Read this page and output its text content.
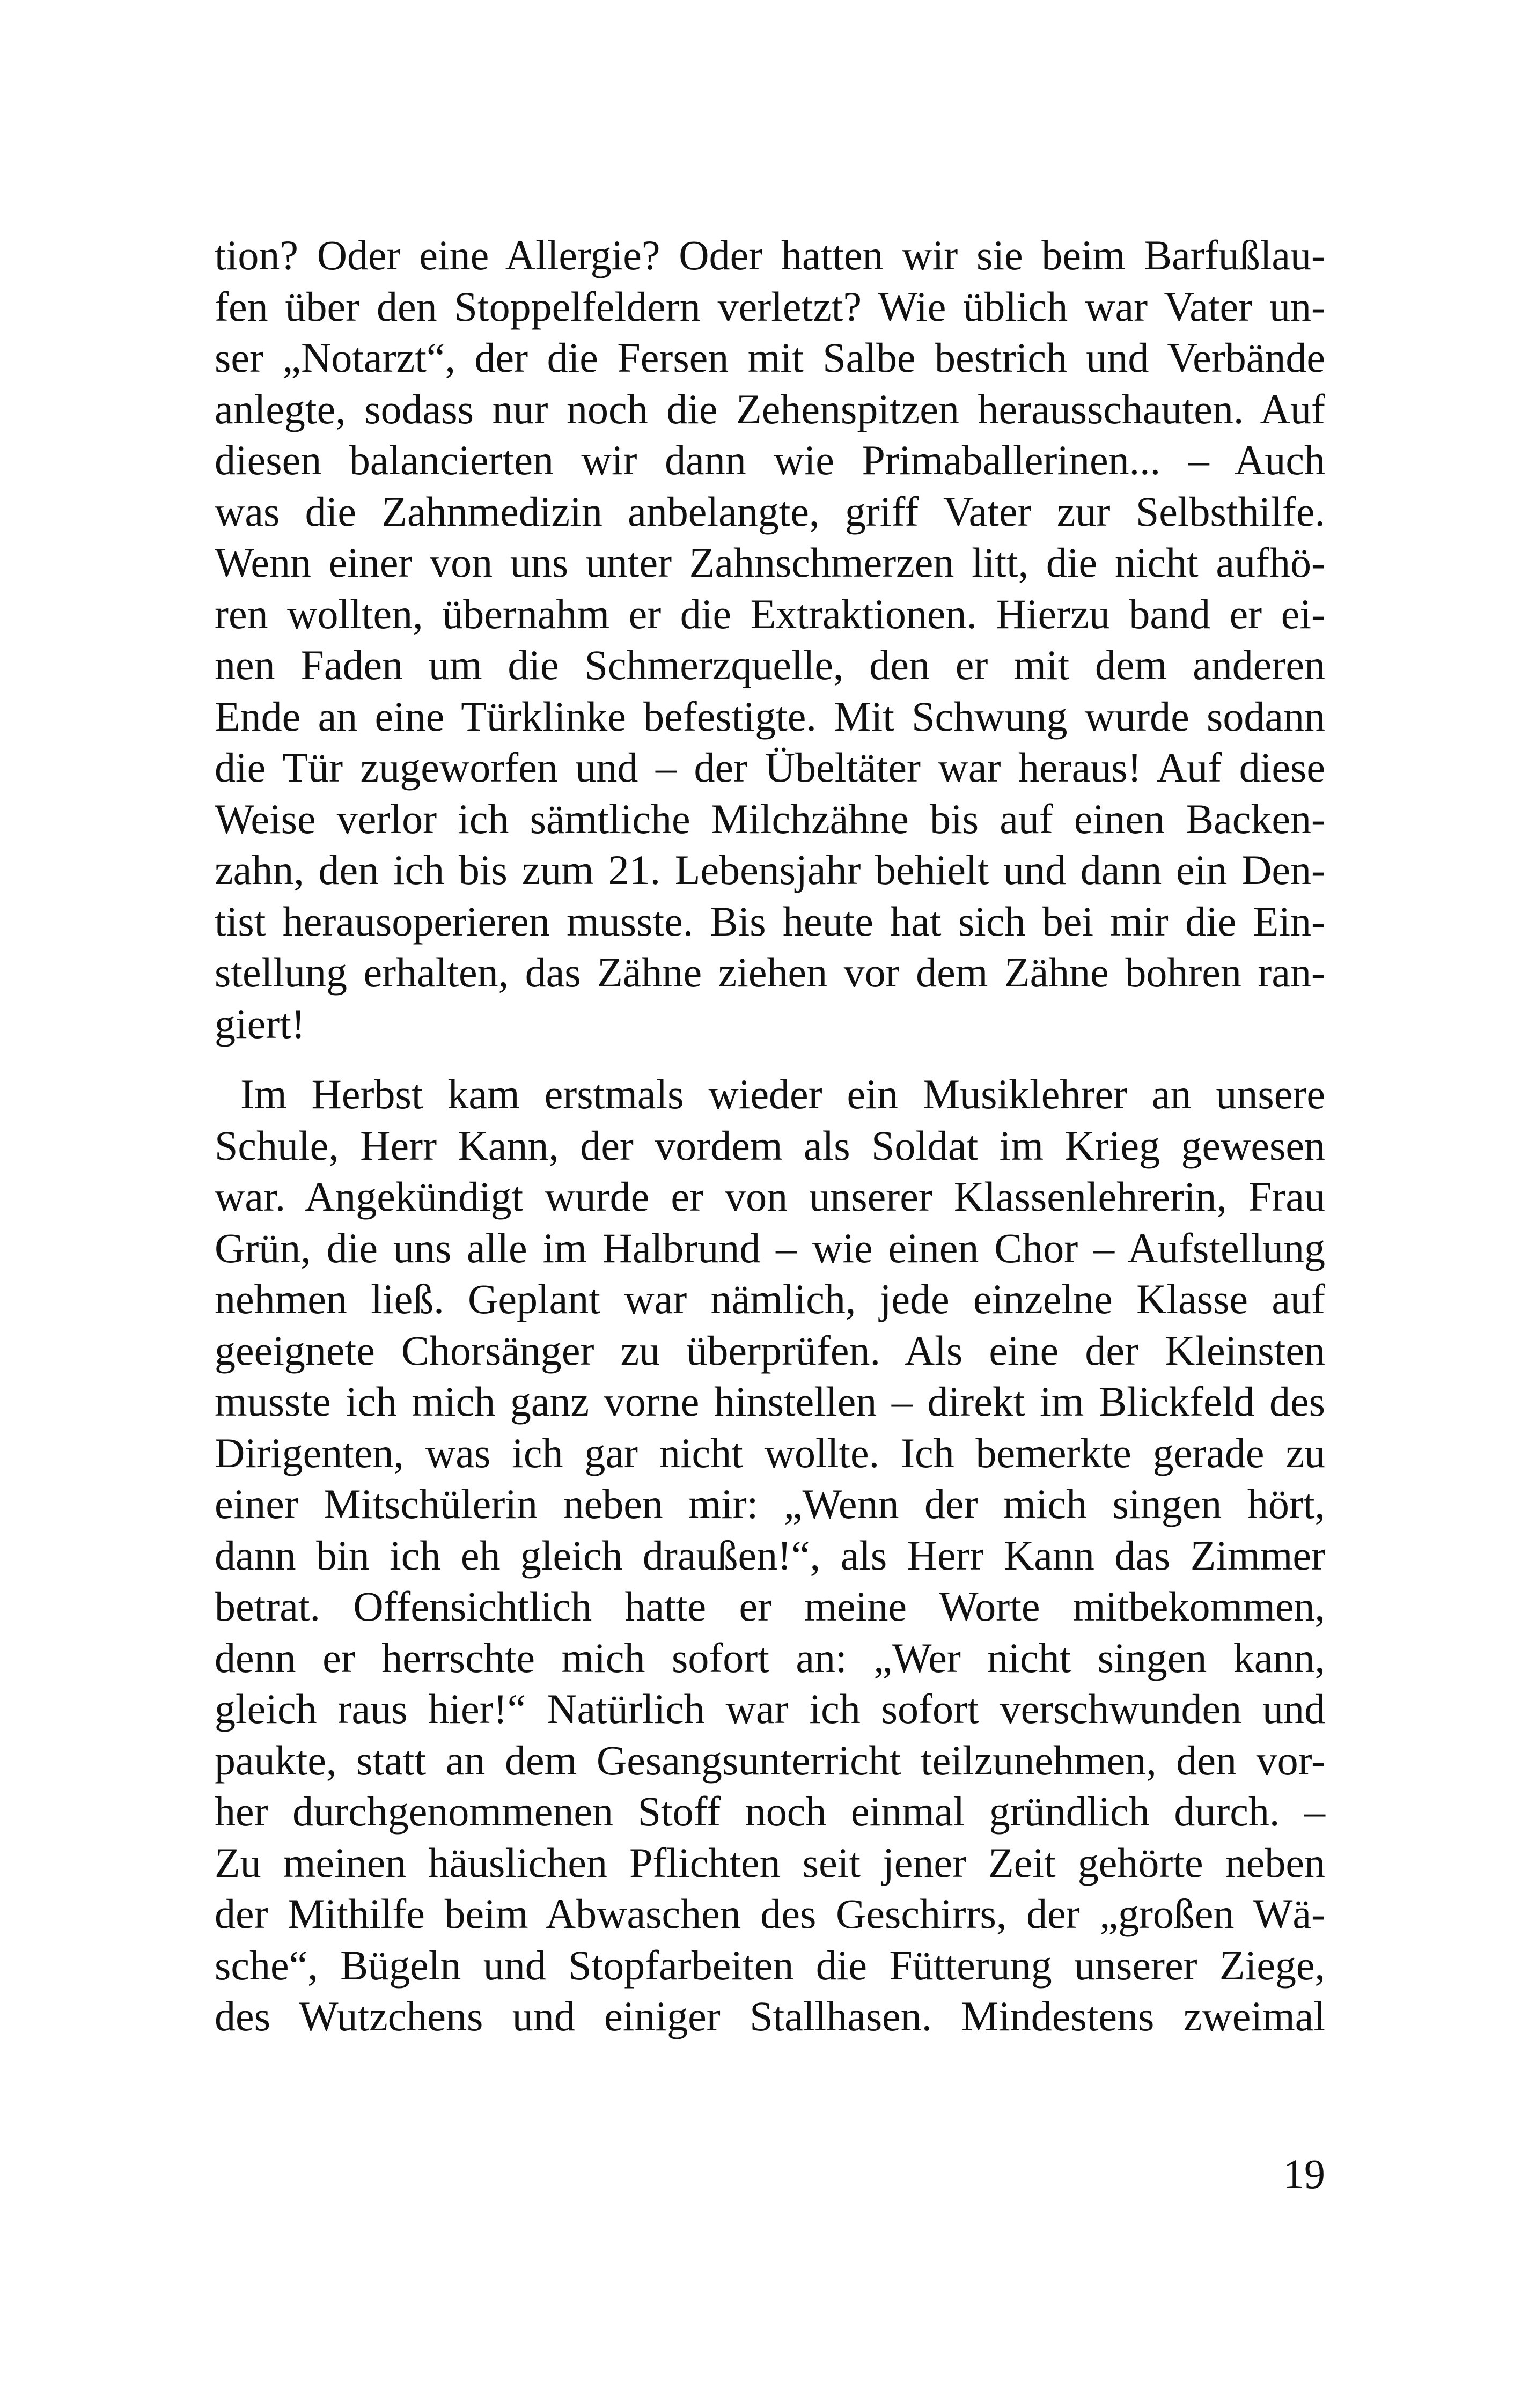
tion? Oder eine Allergie? Oder hatten wir sie beim Barfußlau-
fen über den Stoppelfeldern verletzt? Wie üblich war Vater un-
ser „Notarzt“, der die Fersen mit Salbe bestrich und Verbände
anlegte, sodass nur noch die Zehenspitzen herausschauten. Auf
diesen balancierten wir dann wie Primaballerinen... – Auch
was die Zahnmedizin anbelangte, griff Vater zur Selbsthilfe.
Wenn einer von uns unter Zahnschmerzen litt, die nicht aufhö-
ren wollten, übernahm er die Extraktionen. Hierzu band er ei-
nen Faden um die Schmerzquelle, den er mit dem anderen
Ende an eine Türklinke befestigte. Mit Schwung wurde sodann
die Tür zugeworfen und – der Übeltäter war heraus! Auf diese
Weise verlor ich sämtliche Milchzähne bis auf einen Backen-
zahn, den ich bis zum 21. Lebensjahr behielt und dann ein Den-
tist herausoperieren musste. Bis heute hat sich bei mir die Ein-
stellung erhalten, das Zähne ziehen vor dem Zähne bohren ran-
giert!
Im Herbst kam erstmals wieder ein Musiklehrer an unsere
Schule, Herr Kann, der vordem als Soldat im Krieg gewesen
war. Angekündigt wurde er von unserer Klassenlehrerin, Frau
Grün, die uns alle im Halbrund – wie einen Chor – Aufstellung
nehmen ließ. Geplant war nämlich, jede einzelne Klasse auf
geeignete Chorsänger zu überprüfen. Als eine der Kleinsten
musste ich mich ganz vorne hinstellen – direkt im Blickfeld des
Dirigenten, was ich gar nicht wollte. Ich bemerkte gerade zu
einer Mitschülerin neben mir: „Wenn der mich singen hört,
dann bin ich eh gleich draußen!“, als Herr Kann das Zimmer
betrat. Offensichtlich hatte er meine Worte mitbekommen,
denn er herrschte mich sofort an: „Wer nicht singen kann,
gleich raus hier!“ Natürlich war ich sofort verschwunden und
paukte, statt an dem Gesangsunterricht teilzunehmen, den vor-
her durchgenommenen Stoff noch einmal gründlich durch. –
Zu meinen häuslichen Pflichten seit jener Zeit gehörte neben
der Mithilfe beim Abwaschen des Geschirrs, der „großen Wä-
sche“, Bügeln und Stopfarbeiten die Fütterung unserer Ziege,
des Wutzchens und einiger Stallhasen. Mindestens zweimal
19
